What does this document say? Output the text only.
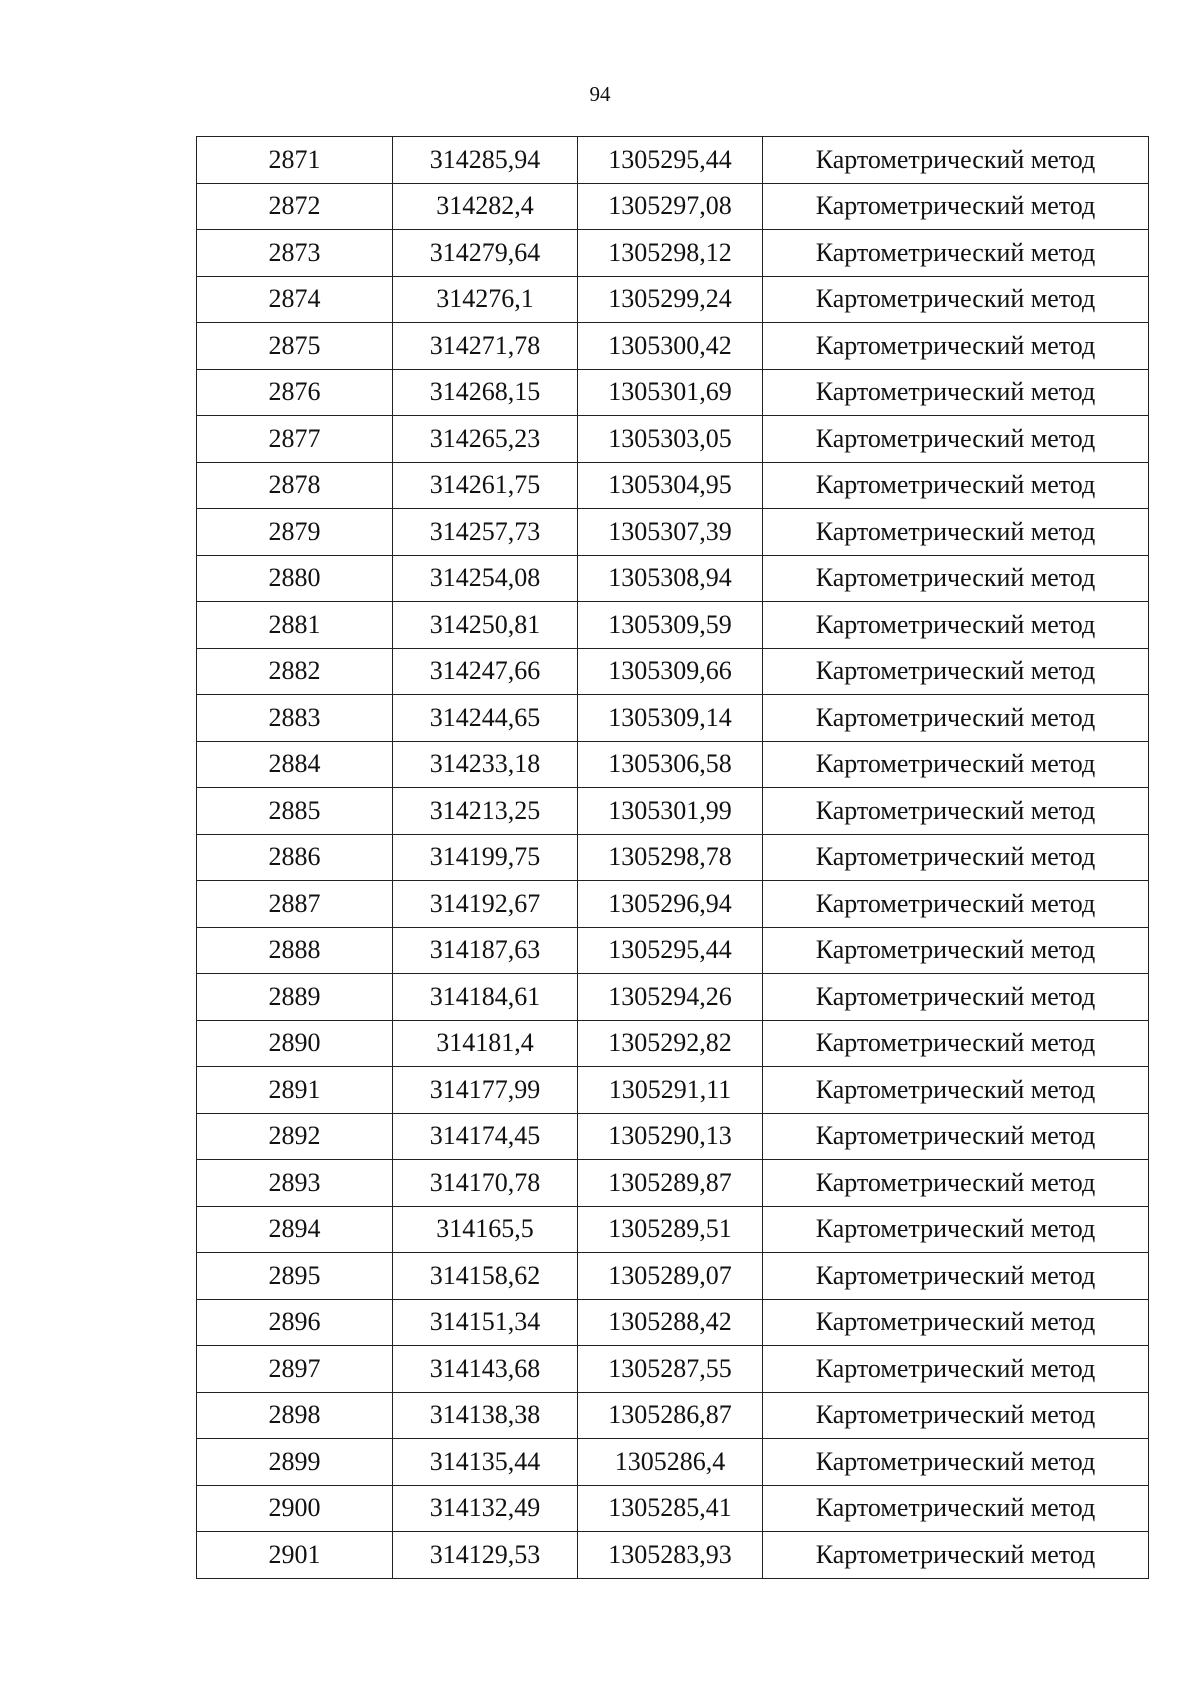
94
2871	314285,94	1305295,44	Картометрический метод
2872	314282,4	1305297,08	Картометрический метод
2873	314279,64	1305298,12	Картометрический метод
2874	314276,1	1305299,24	Картометрический метод
2875	314271,78	1305300,42	Картометрический метод
2876	314268,15	1305301,69	Картометрический метод
2877	314265,23	1305303,05	Картометрический метод
2878	314261,75	1305304,95	Картометрический метод
2879	314257,73	1305307,39	Картометрический метод
2880	314254,08	1305308,94	Картометрический метод
2881	314250,81	1305309,59	Картометрический метод
2882	314247,66	1305309,66	Картометрический метод
2883	314244,65	1305309,14	Картометрический метод
2884	314233,18	1305306,58	Картометрический метод
2885	314213,25	1305301,99	Картометрический метод
2886	314199,75	1305298,78	Картометрический метод
2887	314192,67	1305296,94	Картометрический метод
2888	314187,63	1305295,44	Картометрический метод
2889	314184,61	1305294,26	Картометрический метод
2890	314181,4	1305292,82	Картометрический метод
2891	314177,99	1305291,11	Картометрический метод
2892	314174,45	1305290,13	Картометрический метод
2893	314170,78	1305289,87	Картометрический метод
2894	314165,5	1305289,51	Картометрический метод
2895	314158,62	1305289,07	Картометрический метод
2896	314151,34	1305288,42	Картометрический метод
2897	314143,68	1305287,55	Картометрический метод
2898	314138,38	1305286,87	Картометрический метод
2899	314135,44	1305286,4	Картометрический метод
2900	314132,49	1305285,41	Картометрический метод
2901	314129,53	1305283,93	Картометрический метод
